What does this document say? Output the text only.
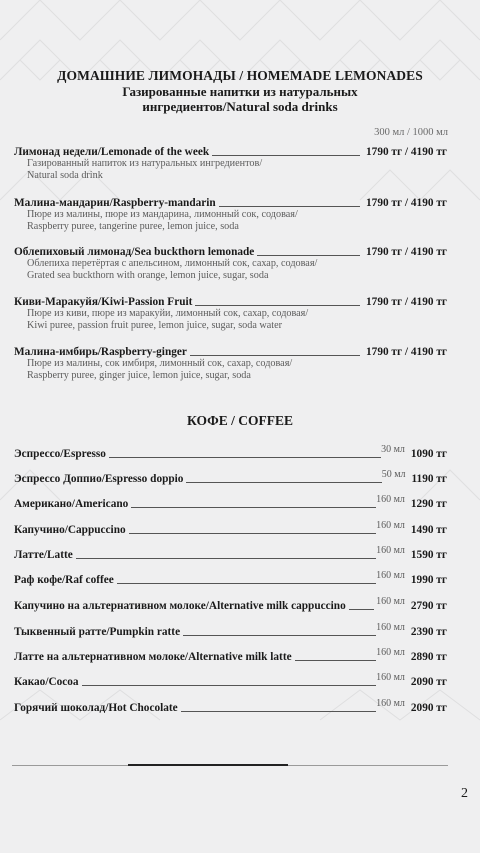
ДОМАШНИЕ ЛИМОНАДЫ / HOMEMADE LEMONADES
Газированные напитки из натуральных
ингредиентов/Natural soda drinks
300 мл / 1000 мл
Лимонад недели/Lemonade of the week	1790 тг / 4190 тг
Газированный напиток из натуральных ингредиентов/
Natural soda drink
Малина-мандарин/Raspberry-mandarin	1790 тг / 4190 тг
Пюре из малины, пюре из мандарина, лимонный сок, содовая/
Raspberry puree, tangerine puree, lemon juice, soda
Облепиховый лимонад/Sea buckthorn lemonade	1790 тг / 4190 тг
Облепиха перетёртая с апельсином, лимонный сок, сахар, содовая/
Grated sea buckthorn with orange, lemon juice, sugar, soda
Киви-Маракуйя/Kiwi-Passion Fruit	1790 тг / 4190 тг
Пюре из киви, пюре из маракуйи, лимонный сок, сахар, содовая/
Kiwi puree, passion fruit puree, lemon juice, sugar, soda water
Малина-имбирь/Raspberry-ginger	1790 тг / 4190 тг
Пюре из малины, сок имбиря, лимонный сок, сахар, содовая/
Raspberry puree, ginger juice, lemon juice, sugar, soda
КОФЕ / COFFEE
Эспрессо/Espresso	30 мл 1090 тг
Эспрессо Доппио/Espresso doppio	50 мл 1190 тг
Американо/Americano	160 мл 1290 тг
Капучино/Cappuccino	160 мл 1490 тг
Латте/Latte	160 мл 1590 тг
Раф кофе/Raf coffee	160 мл 1990 тг
Капучино на альтернативном молоке/Alternative milk cappuccino	160 мл 2790 тг
Тыквенный ратте/Pumpkin ratte	160 мл 2390 тг
Латте на альтернативном молоке/Alternative milk latte	160 мл 2890 тг
Какао/Cocoa	160 мл 2090 тг
Горячий шоколад/Hot Chocolate	160 мл 2090 тг
2
